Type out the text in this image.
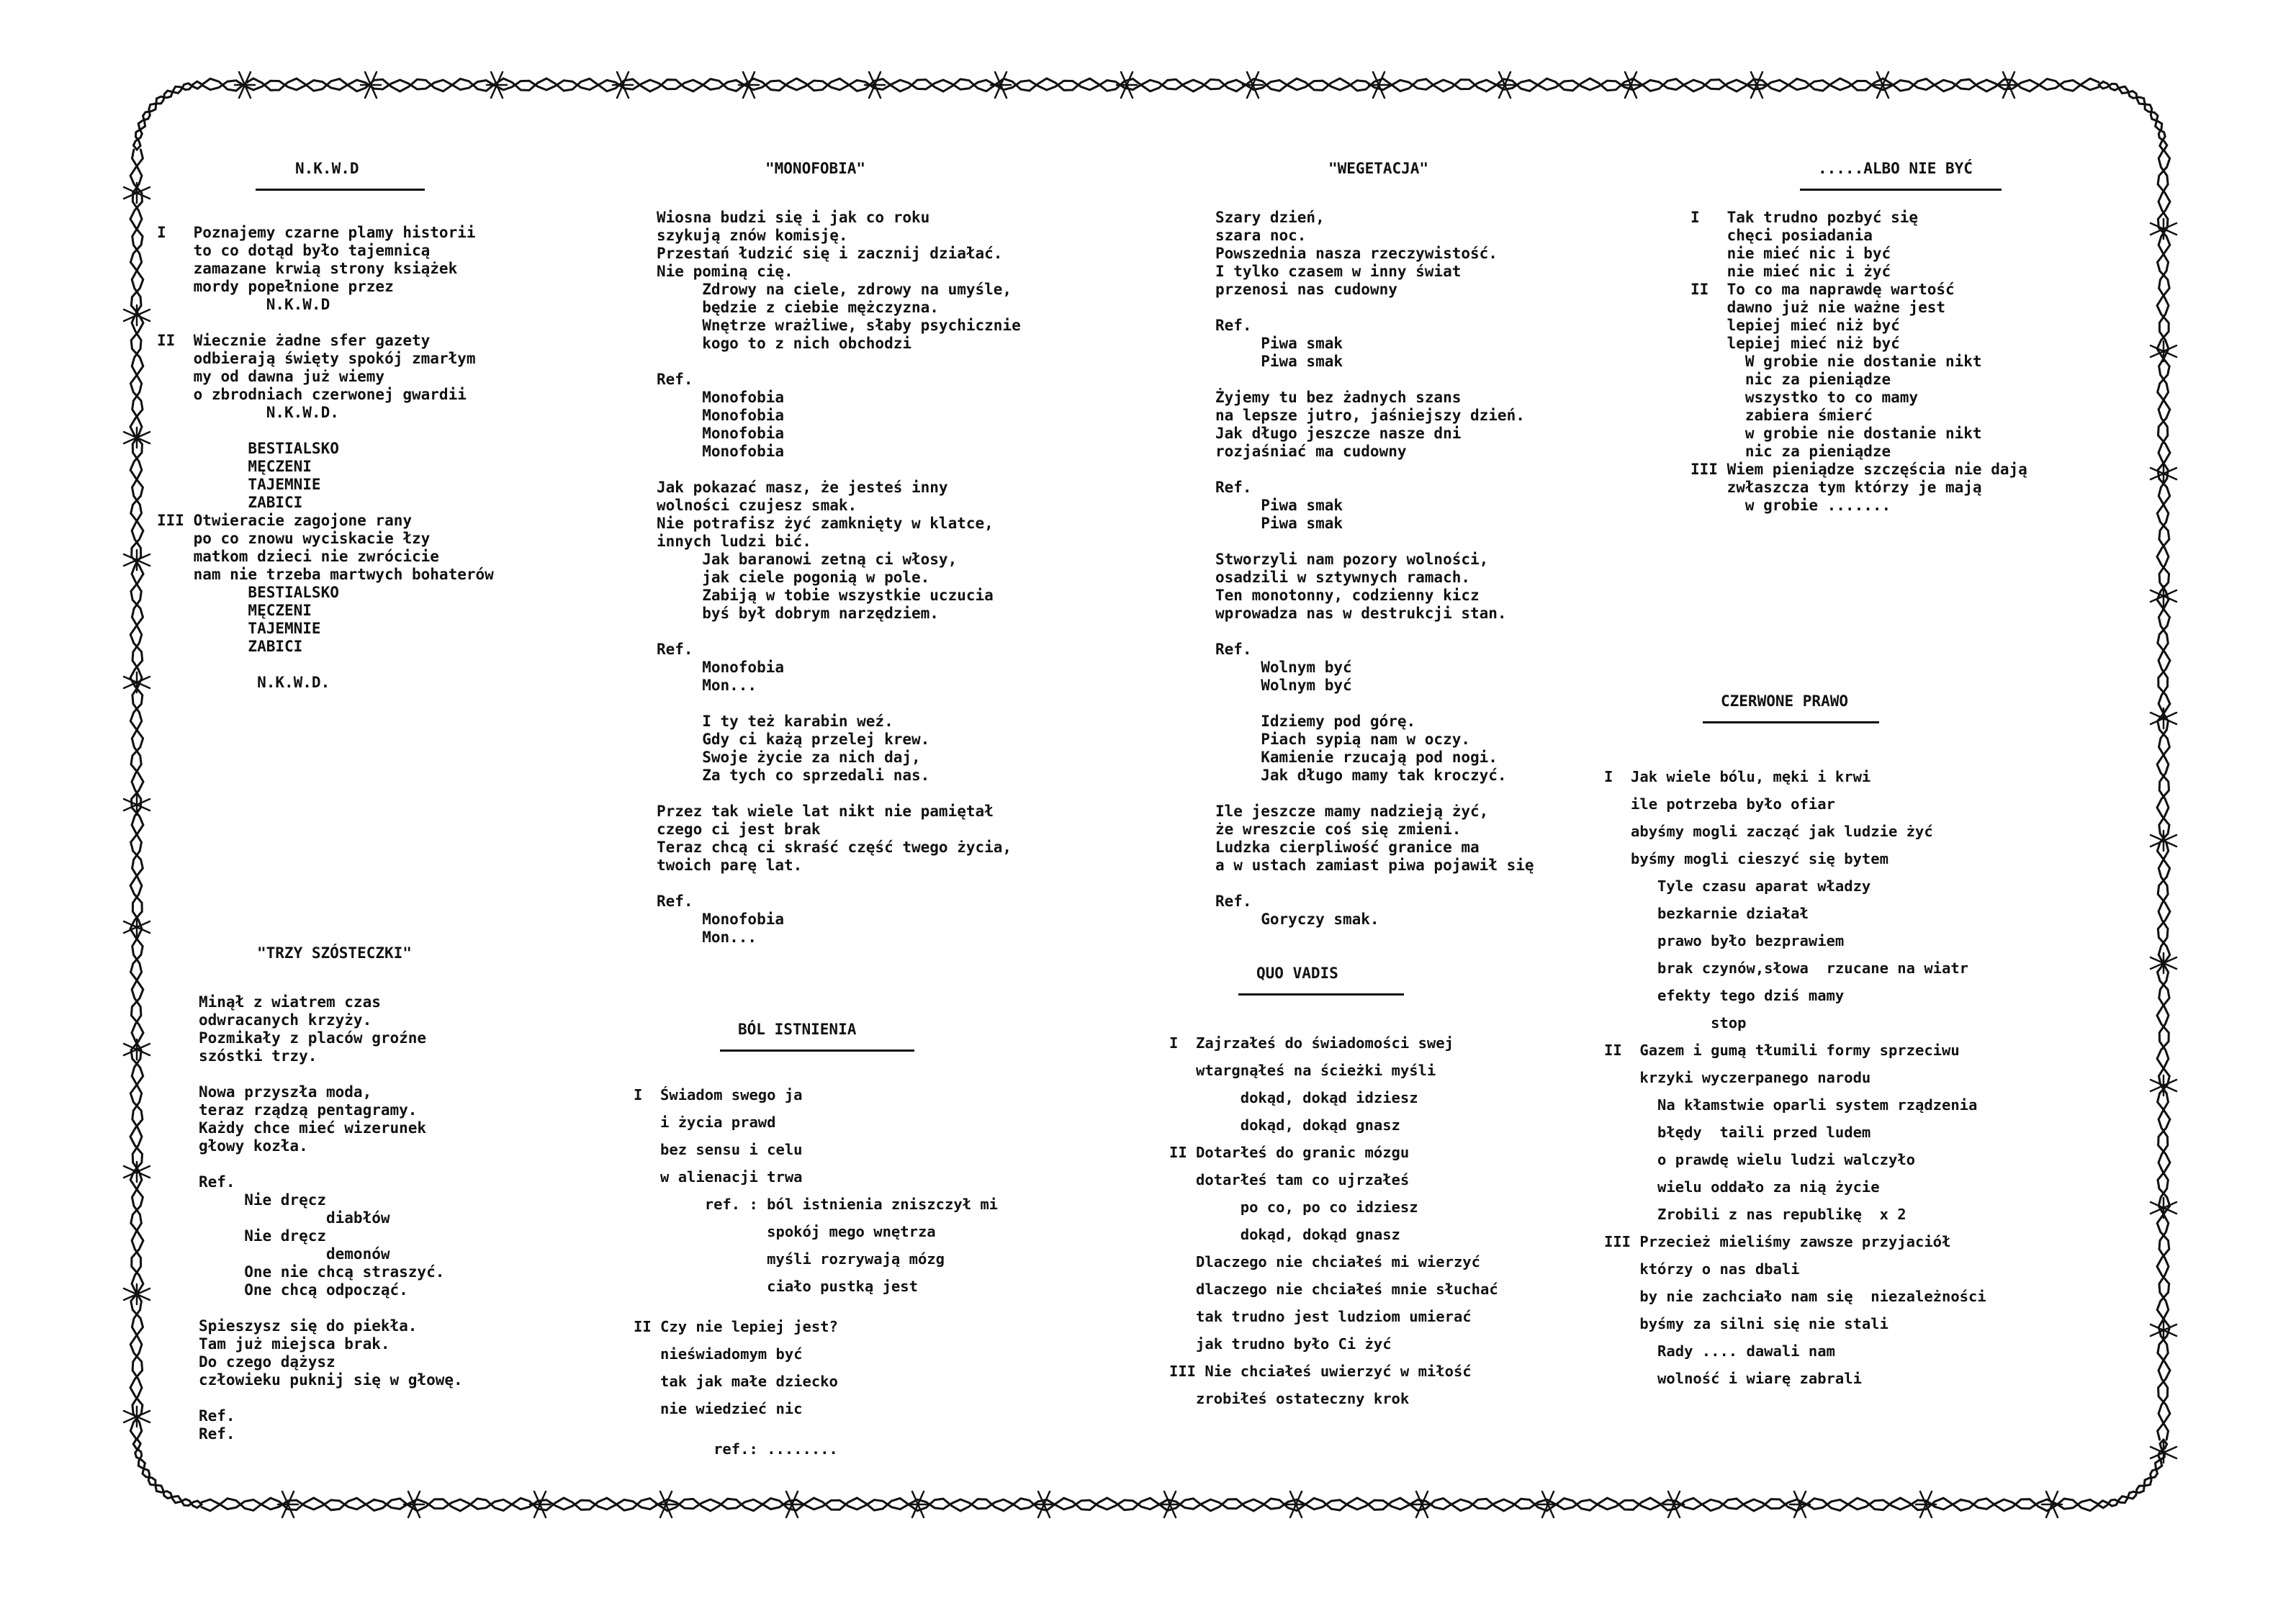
N.K.W.D
I   Poznajemy czarne plamy historii
to co dotąd było tajemnicą
zamazane krwią strony książek
mordy popełnione przez
N.K.W.D
II  Wiecznie żadne sfer gazety
odbierają święty spokój zmarłym
my od dawna już wiemy
o zbrodniach czerwonej gwardii
N.K.W.D.
BESTIALSKO
MĘCZENI
TAJEMNIE
ZABICI
III Otwieracie zagojone rany
po co znowu wyciskacie łzy
matkom dzieci nie zwrócicie
nam nie trzeba martwych bohaterów
BESTIALSKO
MĘCZENI
TAJEMNIE
ZABICI
N.K.W.D.
"TRZY SZÓSTECZKI"
Minął z wiatrem czas
odwracanych krzyży.
Pozmikały z placów groźne
szóstki trzy.
Nowa przyszła moda,
teraz rządzą pentagramy.
Każdy chce mieć wizerunek
głowy kozła.
Ref.
Nie dręcz
diabłów
Nie dręcz
demonów
One nie chcą straszyć.
One chcą odpocząć.
Spieszysz się do piekła.
Tam już miejsca brak.
Do czego dążysz
człowieku puknij się w głowę.
Ref.
Ref.
"MONOFOBIA"
Wiosna budzi się i jak co roku
szykują znów komisję.
Przestań łudzić się i zacznij działać.
Nie pominą cię.
Zdrowy na ciele, zdrowy na umyśle,
będzie z ciebie mężczyzna.
Wnętrze wrażliwe, słaby psychicznie
kogo to z nich obchodzi
Ref.
Monofobia
Monofobia
Monofobia
Monofobia
Jak pokazać masz, że jesteś inny
wolności czujesz smak.
Nie potrafisz żyć zamknięty w klatce,
innych ludzi bić.
Jak baranowi zetną ci włosy,
jak ciele pogonią w pole.
Zabiją w tobie wszystkie uczucia
byś był dobrym narzędziem.
Ref.
Monofobia
Mon...
I ty też karabin weź.
Gdy ci każą przelej krew.
Swoje życie za nich daj,
Za tych co sprzedali nas.
Przez tak wiele lat nikt nie pamiętał
czego ci jest brak
Teraz chcą ci skraść część twego życia,
twoich parę lat.
Ref.
Monofobia
Mon...
BÓL ISTNIENIA
I  Świadom swego ja
i życia prawd
bez sensu i celu
w alienacji trwa
ref. : ból istnienia zniszczył mi
spokój mego wnętrza
myśli rozrywają mózg
ciało pustką jest
II Czy nie lepiej jest?
nieświadomym być
tak jak małe dziecko
nie wiedzieć nic
ref.: ........
"WEGETACJA"
Szary dzień,
szara noc.
Powszednia nasza rzeczywistość.
I tylko czasem w inny świat
przenosi nas cudowny
Ref.
Piwa smak
Piwa smak
Żyjemy tu bez żadnych szans
na lepsze jutro, jaśniejszy dzień.
Jak długo jeszcze nasze dni
rozjaśniać ma cudowny
Ref.
Piwa smak
Piwa smak
Stworzyli nam pozory wolności,
osadzili w sztywnych ramach.
Ten monotonny, codzienny kicz
wprowadza nas w destrukcji stan.
Ref.
Wolnym być
Wolnym być
Idziemy pod górę.
Piach sypią nam w oczy.
Kamienie rzucają pod nogi.
Jak długo mamy tak kroczyć.
Ile jeszcze mamy nadzieją żyć,
że wreszcie coś się zmieni.
Ludzka cierpliwość granice ma
a w ustach zamiast piwa pojawił się
Ref.
Goryczy smak.
QUO VADIS
I  Zajrzałeś do świadomości swej
wtargnąłeś na ścieżki myśli
dokąd, dokąd idziesz
dokąd, dokąd gnasz
II Dotarłeś do granic mózgu
dotarłeś tam co ujrzałeś
po co, po co idziesz
dokąd, dokąd gnasz
Dlaczego nie chciałeś mi wierzyć
dlaczego nie chciałeś mnie słuchać
tak trudno jest ludziom umierać
jak trudno było Ci żyć
III Nie chciałeś uwierzyć w miłość
zrobiłeś ostateczny krok
.....ALBO NIE BYĆ
I   Tak trudno pozbyć się
chęci posiadania
nie mieć nic i być
nie mieć nic i żyć
II  To co ma naprawdę wartość
dawno już nie ważne jest
lepiej mieć niż być
lepiej mieć niż być
W grobie nie dostanie nikt
nic za pieniądze
wszystko to co mamy
zabiera śmierć
w grobie nie dostanie nikt
nic za pieniądze
III Wiem pieniądze szczęścia nie dają
zwłaszcza tym którzy je mają
w grobie .......
CZERWONE PRAWO
I  Jak wiele bólu, męki i krwi
ile potrzeba było ofiar
abyśmy mogli zacząć jak ludzie żyć
byśmy mogli cieszyć się bytem
Tyle czasu aparat władzy
bezkarnie działał
prawo było bezprawiem
brak czynów,słowa  rzucane na wiatr
efekty tego dziś mamy
stop
II  Gazem i gumą tłumili formy sprzeciwu
krzyki wyczerpanego narodu
Na kłamstwie oparli system rządzenia
błędy  taili przed ludem
o prawdę wielu ludzi walczyło
wielu oddało za nią życie
Zrobili z nas republikę  x 2
III Przecież mieliśmy zawsze przyjaciół
którzy o nas dbali
by nie zachciało nam się  niezależności
byśmy za silni się nie stali
Rady .... dawali nam
wolność i wiarę zabrali
